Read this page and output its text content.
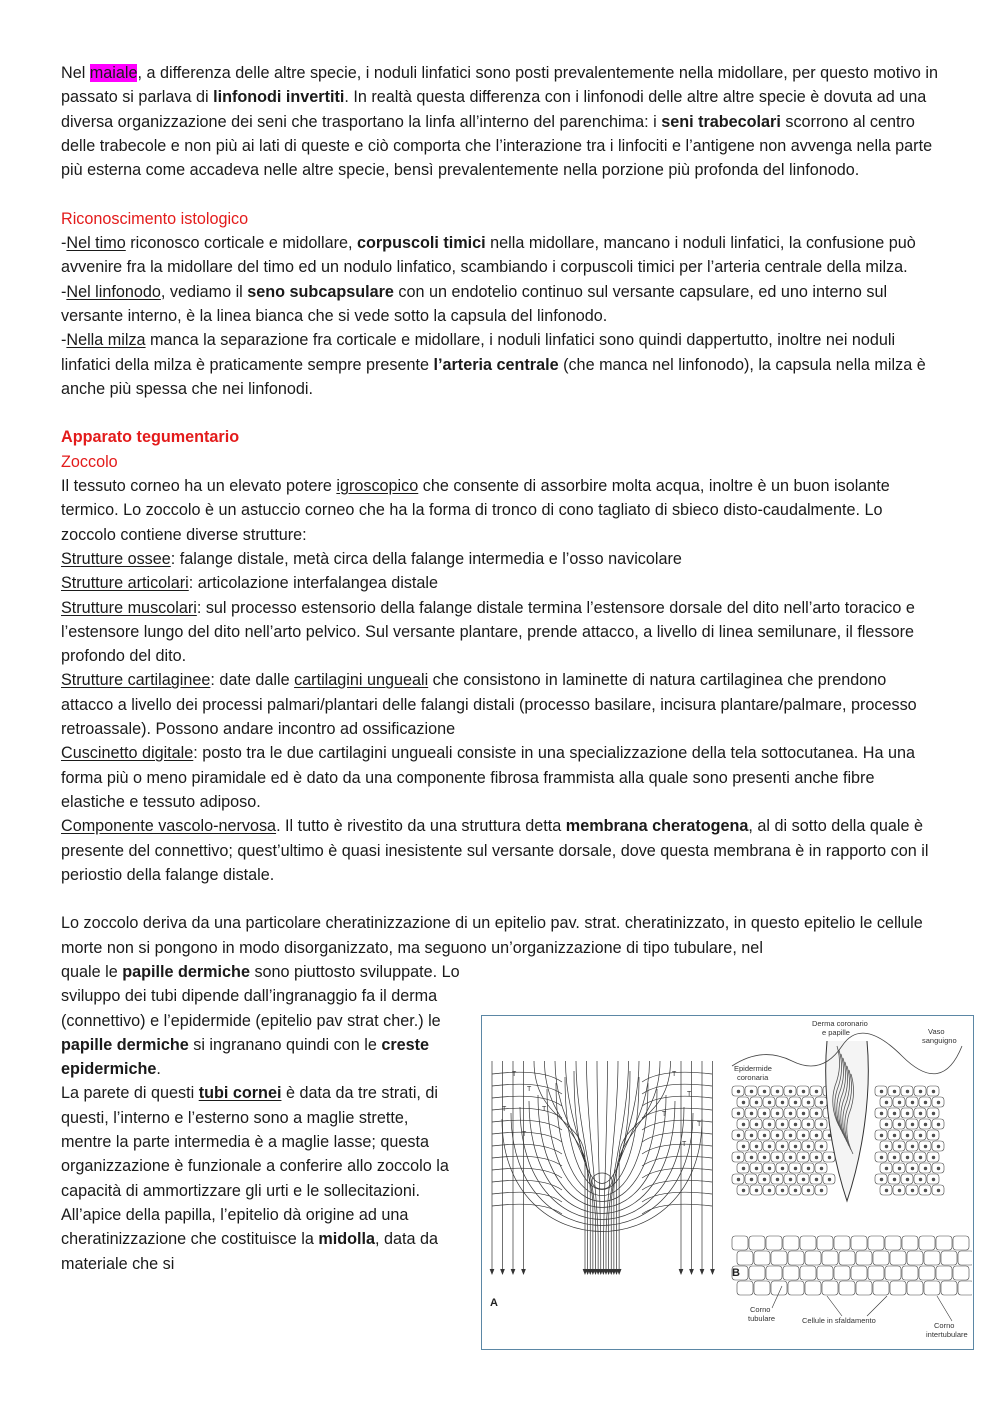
Nel maiale, a differenza delle altre specie, i noduli linfatici sono posti prevalentemente nella midollare, per questo motivo in passato si parlava di linfonodi invertiti. In realtà questa differenza con i linfonodi delle altre altre specie è dovuta ad una diversa organizzazione dei seni che trasportano la linfa all’interno del parenchima: i seni trabecolari scorrono al centro delle trabecole e non più ai lati di queste e ciò comporta che l’interazione tra i linfociti e l’antigene non avvenga nella parte più esterna come accadeva nelle altre specie, bensì prevalentemente nella porzione più profonda del linfonodo.

Riconoscimento istologico

-Nel timo riconosco corticale e midollare, corpuscoli timici nella midollare, mancano i noduli linfatici, la confusione può avvenire fra la midollare del timo ed un nodulo linfatico, scambiando i corpuscoli timici per l’arteria centrale della milza.

-Nel linfonodo, vediamo il seno subcapsulare con un endotelio continuo sul versante capsulare, ed uno interno sul versante interno, è la linea bianca che si vede sotto la capsula del linfonodo.

-Nella milza manca la separazione fra corticale e midollare, i noduli linfatici sono quindi dappertutto, inoltre nei noduli linfatici della milza è praticamente sempre presente l’arteria centrale (che manca nel linfonodo), la capsula nella milza è anche più spessa che nei linfonodi.

Apparato tegumentario

Zoccolo

Il tessuto corneo ha un elevato potere igroscopico che consente di assorbire molta acqua, inoltre è un buon isolante termico. Lo zoccolo è un astuccio corneo che ha la forma di tronco di cono tagliato di sbieco disto-caudalmente. Lo zoccolo contiene diverse strutture:

Strutture ossee: falange distale, metà circa della falange intermedia e l’osso navicolare

Strutture articolari: articolazione interfalangea distale

Strutture muscolari: sul processo estensorio della falange distale termina l’estensore dorsale del dito nell’arto toracico e l’estensore lungo del dito nell’arto pelvico. Sul versante plantare, prende attacco, a livello di linea semilunare, il flessore profondo del dito.

Strutture cartilaginee: date dalle cartilagini ungueali che consistono in laminette di natura cartilaginea che prendono attacco a livello dei processi palmari/plantari delle falangi distali (processo basilare, incisura plantare/palmare, processo retroassale). Possono andare incontro ad ossificazione

Cuscinetto digitale: posto tra le due cartilagini ungueali consiste in una specializzazione della tela sottocutanea. Ha una forma più o meno piramidale ed è dato da una componente fibrosa frammista alla quale sono presenti anche fibre elastiche e tessuto adiposo.

Componente vascolo-nervosa. Il tutto è rivestito da una struttura detta membrana cheratogena, al di sotto della quale è presente del connettivo; quest’ultimo è quasi inesistente sul versante dorsale, dove questa membrana è in rapporto con il periostio della falange distale.

Lo zoccolo deriva da una particolare cheratinizzazione di un epitelio pav. strat. cheratinizzato, in questo epitelio le cellule morte non si pongono in modo disorganizzato, ma seguono un’organizzazione di tipo tubulare, nel

quale le papille dermiche sono piuttosto sviluppate. Lo sviluppo dei tubi dipende dall’ingranaggio fa il derma (connettivo) e l’epidermide (epitelio pav strat cher.) le papille dermiche si ingranano quindi con le creste epidermiche.

La parete di questi tubi cornei è data da tre strati, di questi, l’interno e l’esterno sono a maglie strette, mentre la parte intermedia è a maglie lasse; questa organizzazione è funzionale a conferire allo zoccolo la capacità di ammortizzare gli urti e le sollecitazioni. All’apice della papilla, l’epitelio dà origine ad una cheratinizzazione che costituisce la midolla, data da materiale che si

T
T
T	T
T
T
T
T
T
T
A
B
Derma coronario
e papille	Vaso
sanguigno
Epidermide
coronaria
Corno
tubulare	Cellule in sfaldamento
Corno
intertubulare
